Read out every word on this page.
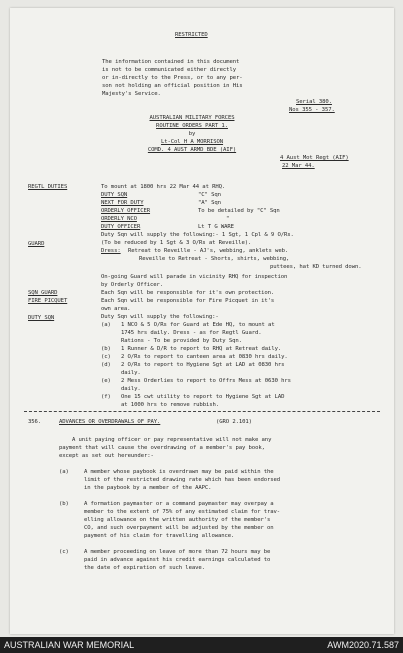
RESTRICTED
The information contained in this document
is not to be communicated either directly
or in-directly to the Press, or to any per-
son not holding an official position in His
Majesty's Service.
Serial 380.
Nos 355 - 357.
AUSTRALIAN MILITARY FORCES
ROUTINE ORDERS PART 1.
by
Lt-Col H A MORRISON
COMD. 4 AUST ARMD BDE (AIF)
4 Aust Mot Regt (AIF)
22 Mar 44.
REGTL DUTIES	To mount at 1800 hrs 22 Mar 44 at RHQ.
DUTY SQN	"C" Sqn
NEXT FOR DUTY	"A" Sqn
ORDERLY OFFICER	To be detailed by "C" Sqn
ORDERLY NCO	"
DUTY OFFICER	Lt T G WARE
Duty Sqn will supply the following:- 1 Sgt, 1 Cpl & 9 O/Rs.
(To be reduced by 1 Sgt & 3 O/Rs at Reveille).
GUARD
Dress: Retreat to Reveille - AJ's, webbing, anklets web.
Reveille to Retreat - Shorts, shirts, webbing,
puttees, hat KD turned down.
On-going Guard will parade in vicinity RHQ for inspection
by Orderly Officer.
SQN GUARD	Each Sqn will be responsible for it's own protection.
FIRE PICQUET	Each Sqn will be responsible for Fire Picquet in it's
own area.
DUTY SQN	Duty Sqn will supply the following:-
(a) 1 NCO & 5 O/Rs for Guard at Ede HQ, to mount at
1745 hrs daily. Dress - as for Regtl Guard.
Rations - To be provided by Duty Sqn.
(b) 1 Runner & D/R to report to RHQ at Retreat daily.
(c) 2 O/Rs to report to canteen area at 0830 hrs daily.
(d) 2 O/Rs to report to Hygiene Sgt at LAD at 0830 hrs
daily.
(e) 2 Mess Orderlies to report to Offrs Mess at 0630 hrs
daily.
(f) One 15 cwt utility to report to Hygiene Sgt at LAD
at 1000 hrs to remove rubbish.
356.	ADVANCES OR OVERDRAWALS OF PAY.	(GRO 2.101)
A unit paying officer or pay representative will not make any
payment that will cause the overdrawing of a member's pay book,
except as set out hereunder:-
(a)	A member whose paybook is overdrawn may be paid within the
limit of the restricted drawing rate which has been endorsed
in the paybook by a member of the AAPC.
(b)	A formation paymaster or a command paymaster may overpay a
member to the extent of 75% of any estimated claim for trav-
elling allowance on the written authority of the member's
CO, and such overpayment will be adjusted by the member on
payment of his claim for travelling allowance.
(c)	A member proceeding on leave of more than 72 hours may be
paid in advance against his credit earnings calculated to
the date of expiration of such leave.
AUSTRALIAN WAR MEMORIAL	AWM2020.71.587
